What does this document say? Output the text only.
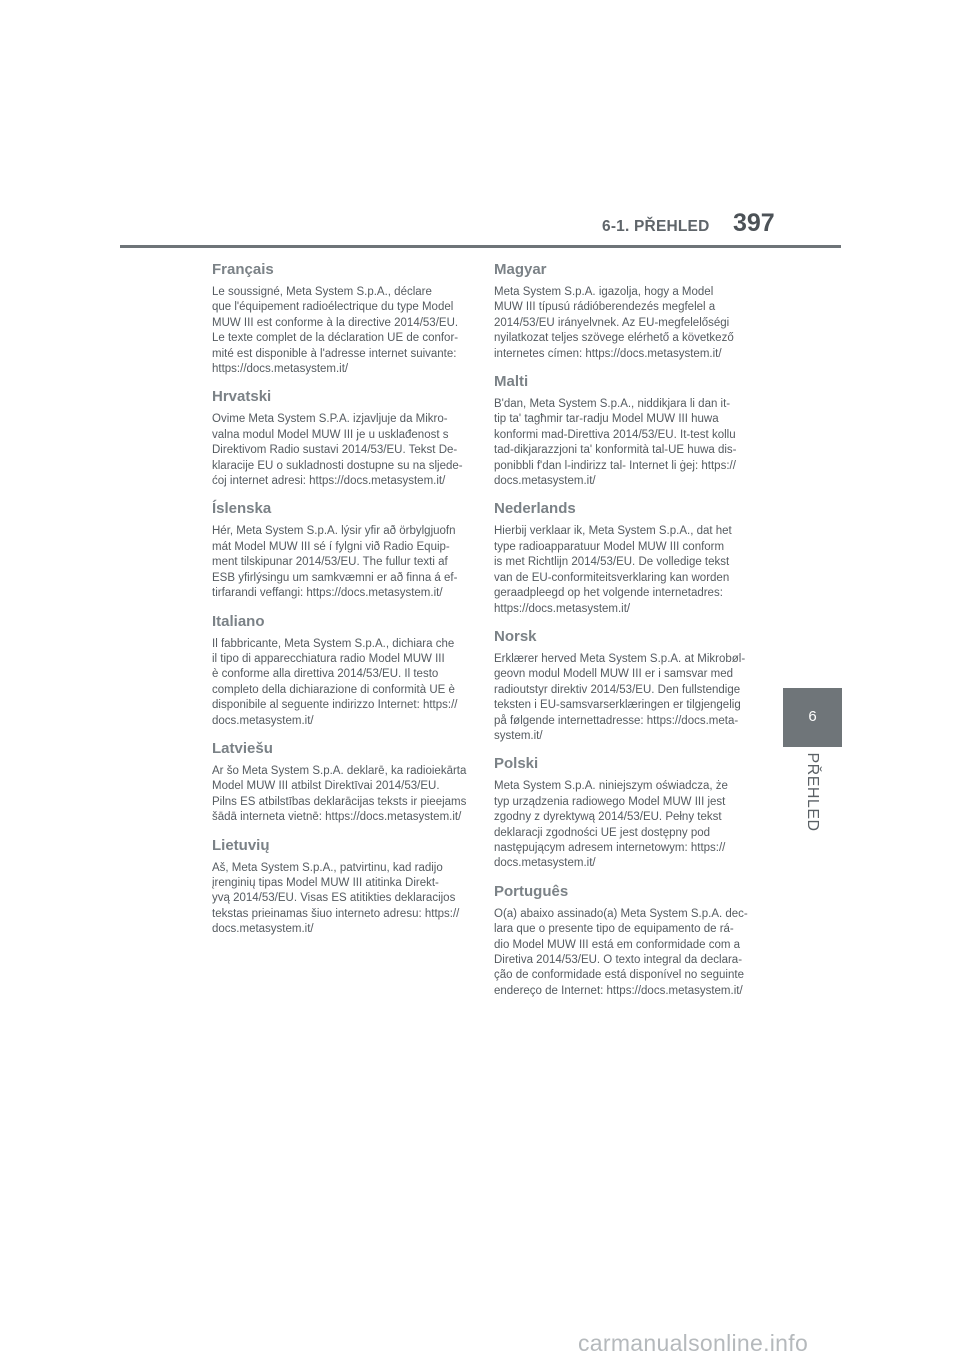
6-1. PŘEHLED 397
6
PŘEHLED
Français

Le soussigné, Meta System S.p.A., déclare
que l'équipement radioélectrique du type Model
MUW III est conforme à la directive 2014/53/EU.
Le texte complet de la déclaration UE de confor-
mité est disponible à l'adresse internet suivante:
https://docs.metasystem.it/

Hrvatski

Ovime Meta System S.P.A. izjavljuje da Mikro-
valna modul Model MUW III je u usklađenost s
Direktivom Radio sustavi 2014/53/EU. Tekst De-
klaracije EU o sukladnosti dostupne su na sljede-
ćoj internet adresi: https://docs.metasystem.it/

Íslenska

Hér, Meta System S.p.A. lýsir yfir að örbylgjuofn
mát Model MUW III sé í fylgni við Radio Equip-
ment tilskipunar 2014/53/EU. The fullur texti af
ESB yfirlýsingu um samkvæmni er að finna á ef-
tirfarandi veffangi: https://docs.metasystem.it/

Italiano

Il fabbricante, Meta System S.p.A., dichiara che
il tipo di apparecchiatura radio Model MUW III
è conforme alla direttiva 2014/53/EU. Il testo
completo della dichiarazione di conformità UE è
disponibile al seguente indirizzo Internet: https://
docs.metasystem.it/

Latviešu

Ar šo Meta System S.p.A. deklarē, ka radioiekārta
Model MUW III atbilst Direktīvai 2014/53/EU.
Pilns ES atbilstības deklarācijas teksts ir pieejams
šādā interneta vietnē: https://docs.metasystem.it/

Lietuvių

Aš, Meta System S.p.A., patvirtinu, kad radijo
įrenginių tipas Model MUW III atitinka Direkt-
yvą 2014/53/EU. Visas ES atitikties deklaracijos
tekstas prieinamas šiuo interneto adresu: https://
docs.metasystem.it/

Magyar

Meta System S.p.A. igazolja, hogy a Model
MUW III típusú rádióberendezés megfelel a
2014/53/EU irányelvnek. Az EU-megfelelőségi
nyilatkozat teljes szövege elérhető a következő
internetes címen: https://docs.metasystem.it/

Malti

B'dan, Meta System S.p.A., niddikjara li dan it-
tip ta' tagħmir tar-radju Model MUW III huwa
konformi mad-Direttiva 2014/53/EU. It-test kollu
tad-dikjarazzjoni ta' konformità tal-UE huwa dis-
ponibbli f'dan l-indirizz tal- Internet li ġej: https://
docs.metasystem.it/

Nederlands

Hierbij verklaar ik, Meta System S.p.A., dat het
type radioapparatuur Model MUW III conform
is met Richtlijn 2014/53/EU. De volledige tekst
van de EU-conformiteitsverklaring kan worden
geraadpleegd op het volgende internetadres:
https://docs.metasystem.it/

Norsk

Erklærer herved Meta System S.p.A. at Mikrobøl-
geovn modul Modell MUW III er i samsvar med
radioutstyr direktiv 2014/53/EU. Den fullstendige
teksten i EU-samsvarserklæringen er tilgjengelig
på følgende internettadresse: https://docs.meta-
system.it/

Polski

Meta System S.p.A. niniejszym oświadcza, że
typ urządzenia radiowego Model MUW III jest
zgodny z dyrektywą 2014/53/EU. Pełny tekst
deklaracji zgodności UE jest dostępny pod
następującym adresem internetowym: https://
docs.metasystem.it/

Português

O(a) abaixo assinado(a) Meta System S.p.A. dec-
lara que o presente tipo de equipamento de rá-
dio Model MUW III está em conformidade com a
Diretiva 2014/53/EU. O texto integral da declara-
ção de conformidade está disponível no seguinte
endereço de Internet: https://docs.metasystem.it/

carmanualsonline.info
